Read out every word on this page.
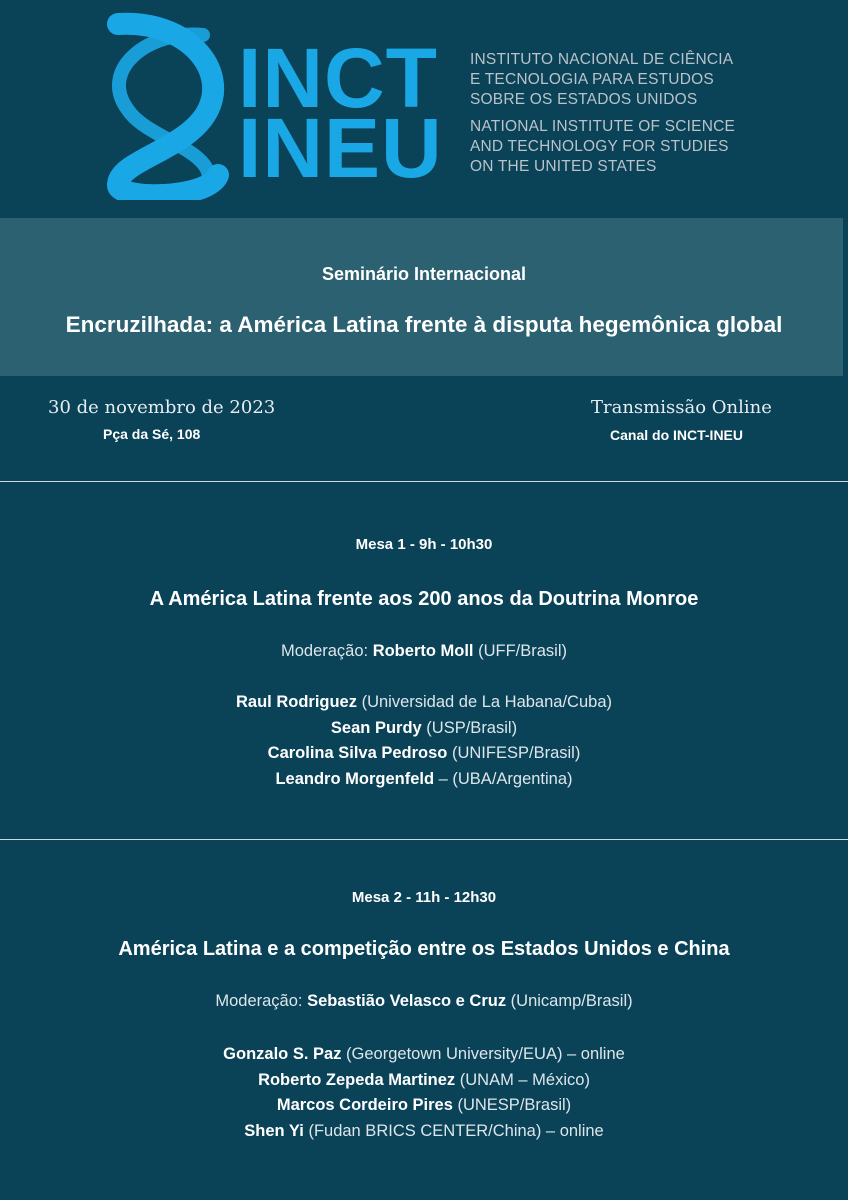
INCT
INEU
INSTITUTO NACIONAL DE CIÊNCIA
E TECNOLOGIA PARA ESTUDOS
SOBRE OS ESTADOS UNIDOS
NATIONAL INSTITUTE OF SCIENCE
AND TECHNOLOGY FOR STUDIES
ON THE UNITED STATES
Seminário Internacional
Encruzilhada: a América Latina frente à disputa hegemônica global
30 de novembro de 2023
Pça da Sé, 108
Transmissão Online
Canal do INCT-INEU
Mesa 1 - 9h - 10h30
A América Latina frente aos 200 anos da Doutrina Monroe
Moderação: Roberto Moll (UFF/Brasil)
Raul Rodriguez (Universidad de La Habana/Cuba)
Sean Purdy (USP/Brasil)
Carolina Silva Pedroso (UNIFESP/Brasil)
Leandro Morgenfeld – (UBA/Argentina)
Mesa 2 - 11h - 12h30
América Latina e a competição entre os Estados Unidos e China
Moderação: Sebastião Velasco e Cruz (Unicamp/Brasil)
Gonzalo S. Paz (Georgetown University/EUA) – online
Roberto Zepeda Martinez (UNAM – México)
Marcos Cordeiro Pires (UNESP/Brasil)
Shen Yi (Fudan BRICS CENTER/China) – online
